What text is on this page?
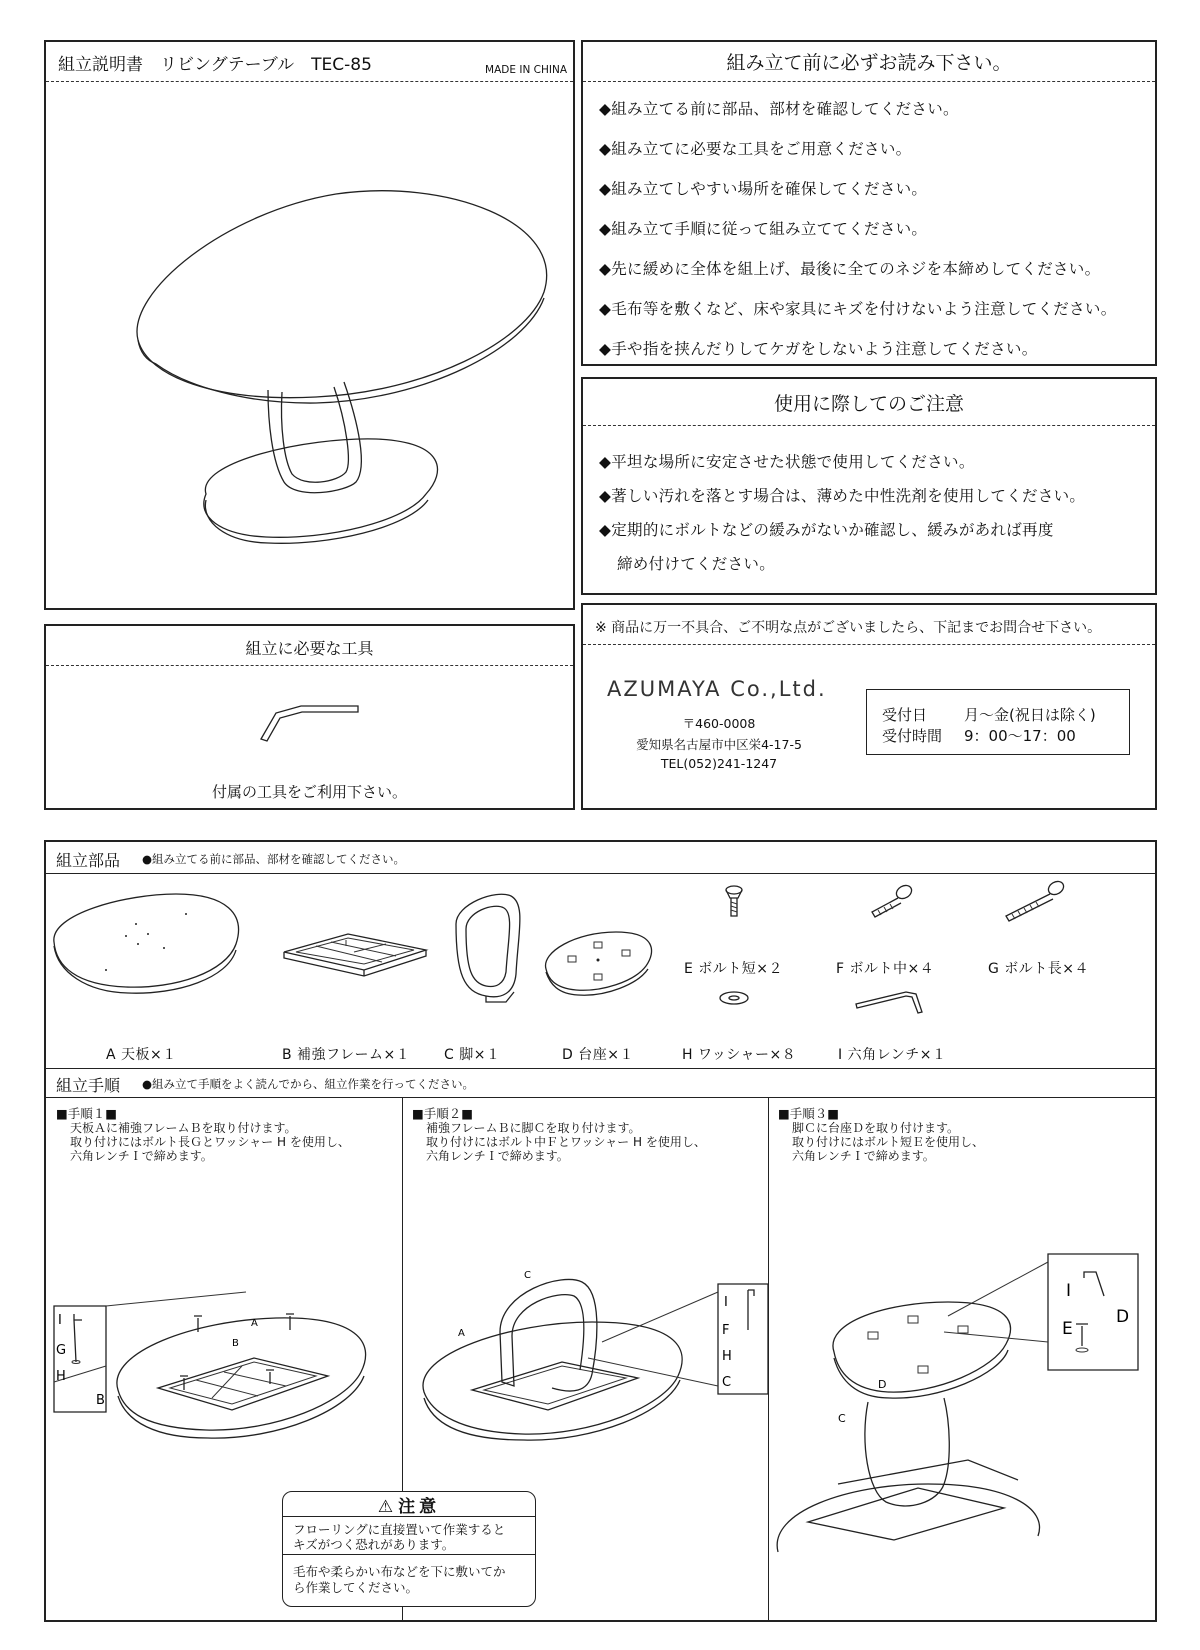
組立説明書　リビングテーブル　TEC-85	MADE IN CHINA	組み立て前に必ずお読み下さい。
◆組み立てる前に部品、部材を確認してください。
◆組み立てに必要な工具をご用意ください。
◆組み立てしやすい場所を確保してください。
◆組み立て手順に従って組み立ててください。
◆先に緩めに全体を組上げ、最後に全てのネジを本締めしてください。
◆毛布等を敷くなど、床や家具にキズを付けないよう注意してください。
◆手や指を挟んだりしてケガをしないよう注意してください。
使用に際してのご注意
◆平坦な場所に安定させた状態で使用してください。
◆著しい汚れを落とす場合は、薄めた中性洗剤を使用してください。
◆定期的にボルトなどの緩みがないか確認し、緩みがあれば再度
締め付けてください。
組立に必要な工具
付属の工具をご利用下さい。
※ 商品に万一不具合、ご不明な点がございましたら、下記までお問合せ下さい。
AZUMAYA Co.,Ltd.
〒460-0008
愛知県名古屋市中区栄4-17-5
TEL(052)241-1247
受付日 月～金(祝日は除く)
受付時間 9：00～17：00
組立部品 ●組み立てる前に部品、部材を確認してください。
A 天板×１	B 補強フレーム×１ C 脚×１	D 台座×１
E ボルト短×２	F ボルト中×４	G ボルト長×４
H ワッシャー×８	I 六角レンチ×１
組立手順 ●組み立て手順をよく読んでから、組立作業を行ってください。
■手順１■
天板Ａに補強フレームＢを取り付けます。
取り付けにはボルト長Ｇとワッシャー H を使用し、
六角レンチＩで締めます。
■手順２■
補強フレームＢに脚Ｃを取り付けます。
取り付けにはボルト中Ｆとワッシャー H を使用し、
六角レンチＩで締めます。
■手順３■
脚Ｃに台座Ｄを取り付けます。
取り付けにはボルト短Ｅを使用し、
六角レンチＩで締めます。
I
G
H
B
A
B
I
F
H
C
A
C
I
E
D
D
C
⚠ 注意
フローリングに直接置いて作業すると
キズがつく恐れがあります。
毛布や柔らかい布などを下に敷いてか
ら作業してください。
